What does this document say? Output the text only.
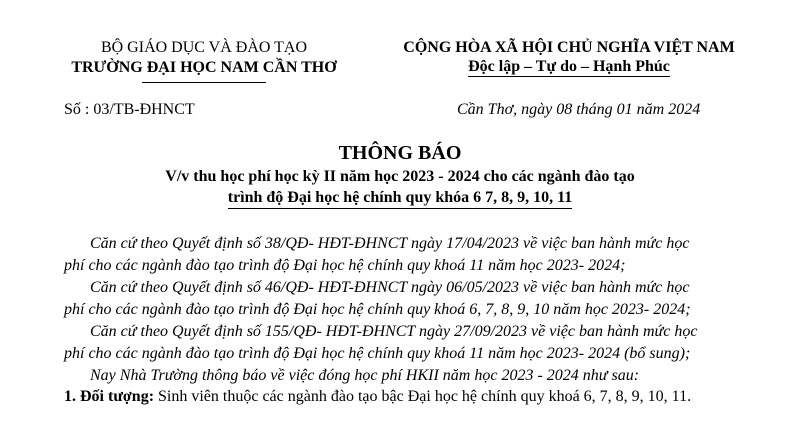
BỘ GIÁO DỤC VÀ ĐÀO TẠO
TRƯỜNG ĐẠI HỌC NAM CẦN THƠ
CỘNG HÒA XÃ HỘI CHỦ NGHĨA VIỆT NAM
Độc lập – Tự do – Hạnh Phúc
Số : 03/TB-ĐHNCT	Cần Thơ, ngày 08 tháng 01 năm 2024
THÔNG BÁO
V/v thu học phí học kỳ II năm học 2023 - 2024 cho các ngành đào tạo
trình độ Đại học hệ chính quy khóa 6 7, 8, 9, 10, 11
Căn cứ theo Quyết định số 38/QĐ- HĐT-ĐHNCT ngày 17/04/2023 về việc ban hành mức học
phí cho các ngành đào tạo trình độ Đại học hệ chính quy khoá 11 năm học 2023- 2024;
Căn cứ theo Quyết định số 46/QĐ- HĐT-ĐHNCT ngày 06/05/2023 về việc ban hành mức học
phí cho các ngành đào tạo trình độ Đại học hệ chính quy khoá 6, 7, 8, 9, 10 năm học 2023- 2024;
Căn cứ theo Quyết định số 155/QĐ- HĐT-ĐHNCT ngày 27/09/2023 về việc ban hành mức học
phí cho các ngành đào tạo trình độ Đại học hệ chính quy khoá 11 năm học 2023- 2024 (bổ sung);
Nay Nhà Trường thông báo về việc đóng học phí HKII năm học 2023 - 2024 như sau:
1. Đối tượng: Sinh viên thuộc các ngành đào tạo bậc Đại học hệ chính quy khoá 6, 7, 8, 9, 10, 11.
